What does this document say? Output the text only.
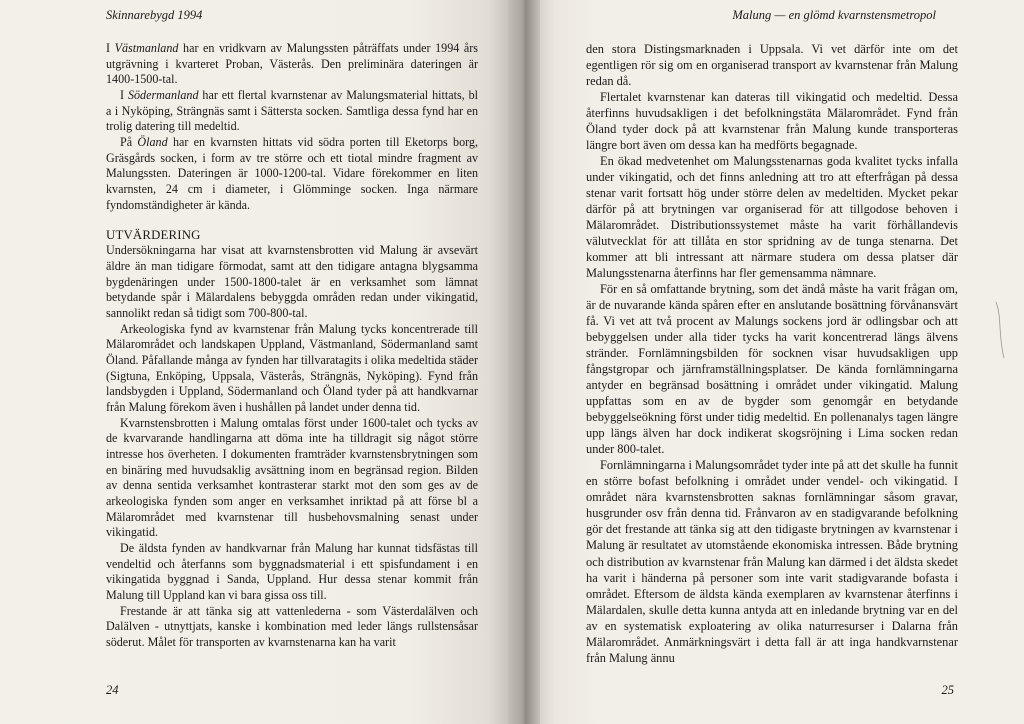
Skinnarebygd 1994

I Västmanland har en vridkvarn av Malungssten påträffats under 1994 års utgrävning i kvarteret Proban, Västerås. Den preliminära dateringen är 1400-1500-tal.

I Södermanland har ett flertal kvarnstenar av Malungsmaterial hittats, bl a i Nyköping, Strängnäs samt i Sättersta socken. Samtliga dessa fynd har en trolig datering till medeltid.

På Öland har en kvarnsten hittats vid södra porten till Eketorps borg, Gräsgårds socken, i form av tre större och ett tiotal mindre fragment av Malungssten. Dateringen är 1000-1200-tal. Vidare förekommer en liten kvarnsten, 24 cm i diameter, i Glömminge socken. Inga närmare fyndomständigheter är kända.

UTVÄRDERING

Undersökningarna har visat att kvarnstensbrotten vid Malung är avsevärt äldre än man tidigare förmodat, samt att den tidigare antagna blygsamma bygdenäringen under 1500-1800-talet är en verksamhet som lämnat betydande spår i Mälardalens bebyggda områden redan under vikingatid, sannolikt redan så tidigt som 700-800-tal.

Arkeologiska fynd av kvarnstenar från Malung tycks koncentrerade till Mälarområdet och landskapen Uppland, Västmanland, Södermanland samt Öland. Påfallande många av fynden har tillvaratagits i olika medeltida städer (Sigtuna, Enköping, Uppsala, Västerås, Strängnäs, Nyköping). Fynd från landsbygden i Uppland, Södermanland och Öland tyder på att handkvarnar från Malung förekom även i hushållen på landet under denna tid.

Kvarnstensbrotten i Malung omtalas först under 1600-talet och tycks av de kvarvarande handlingarna att döma inte ha tilldragit sig något större intresse hos överheten. I dokumenten framträder kvarnstensbrytningen som en binäring med huvudsaklig avsättning inom en begränsad region. Bilden av denna sentida verksamhet kontrasterar starkt mot den som ges av de arkeologiska fynden som anger en verksamhet inriktad på att förse bl a Mälarområdet med kvarnstenar till husbehovsmalning senast under vikingatid.

De äldsta fynden av handkvarnar från Malung har kunnat tidsfästas till vendeltid och återfanns som byggnadsmaterial i ett spisfundament i en vikingatida byggnad i Sanda, Uppland. Hur dessa stenar kommit från Malung till Uppland kan vi bara gissa oss till.

Frestande är att tänka sig att vattenlederna - som Västerdalälven och Dalälven - utnyttjats, kanske i kombination med leder längs rullstensåsar söderut. Målet för transporten av kvarnstenarna kan ha varit

24
Malung — en glömd kvarnstensmetropol

den stora Distingsmarknaden i Uppsala. Vi vet därför inte om det egentligen rör sig om en organiserad transport av kvarnstenar från Malung redan då.

Flertalet kvarnstenar kan dateras till vikingatid och medeltid. Dessa återfinns huvudsakligen i det befolkningstäta Mälarområdet. Fynd från Öland tyder dock på att kvarnstenar från Malung kunde transporteras längre bort även om dessa kan ha medförts begagnade.

En ökad medvetenhet om Malungsstenarnas goda kvalitet tycks infalla under vikingatid, och det finns anledning att tro att efterfrågan på dessa stenar varit fortsatt hög under större delen av medeltiden. Mycket pekar därför på att brytningen var organiserad för att tillgodose behoven i Mälarområdet. Distributionssystemet måste ha varit förhållandevis välutvecklat för att tillåta en stor spridning av de tunga stenarna. Det kommer att bli intressant att närmare studera om dessa platser där Malungsstenarna återfinns har fler gemensamma nämnare.

För en så omfattande brytning, som det ändå måste ha varit frågan om, är de nuvarande kända spåren efter en anslutande bosättning förvånansvärt få. Vi vet att två procent av Malungs sockens jord är odlingsbar och att bebyggelsen under alla tider tycks ha varit koncentrerad längs älvens stränder. Fornlämningsbilden för socknen visar huvudsakligen upp fångstgropar och järnframställningsplatser. De kända fornlämningarna antyder en begränsad bosättning i området under vikingatid. Malung uppfattas som en av de bygder som genomgår en betydande bebyggelseökning först under tidig medeltid. En pollenanalys tagen längre upp längs älven har dock indikerat skogsröjning i Lima socken redan under 800-talet.

Fornlämningarna i Malungsområdet tyder inte på att det skulle ha funnit en större bofast befolkning i området under vendel- och vikingatid. I området nära kvarnstensbrotten saknas fornlämningar såsom gravar, husgrunder osv från denna tid. Frånvaron av en stadigvarande befolkning gör det frestande att tänka sig att den tidigaste brytningen av kvarnstenar i Malung är resultatet av utomstående ekonomiska intressen. Både brytning och distribution av kvarnstenar från Malung kan därmed i det äldsta skedet ha varit i händerna på personer som inte varit stadigvarande bofasta i området. Eftersom de äldsta kända exemplaren av kvarnstenar återfinns i Mälardalen, skulle detta kunna antyda att en inledande brytning var en del av en systematisk exploatering av olika naturresurser i Dalarna från Mälarområdet. Anmärkningsvärt i detta fall är att inga handkvarnstenar från Malung ännu

25
